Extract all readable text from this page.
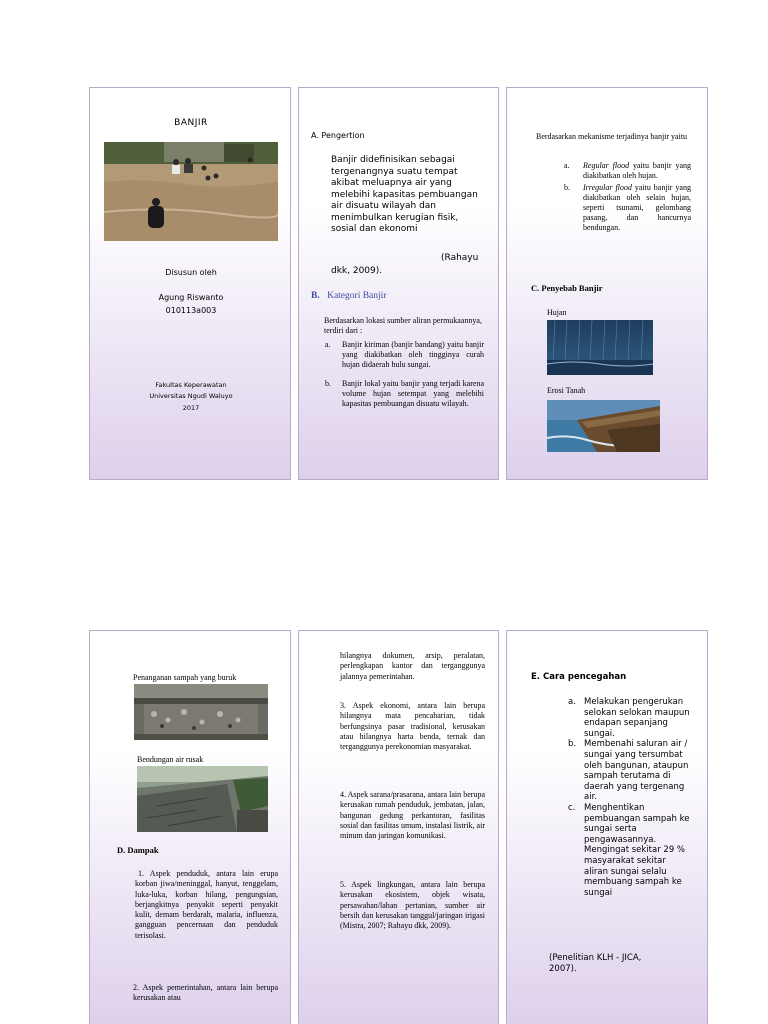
BANJIR
Disusun oleh
Agung Riswanto
010113a003
Fakultas Keperawatan
Universitas Ngudi Waluyo
2017
A. Pengertion
Banjir didefinisikan sebagai tergenangnya suatu tempat akibat meluapnya air yang melebihi kapasitas pembuangan air disuatu wilayah dan menimbulkan kerugian fisik, sosial dan ekonomi
(Rahayu
dkk, 2009).
B. Kategori Banjir
Berdasarkan lokasi sumber aliran permukaannya, terdiri dari :
a. Banjir kiriman (banjir bandang) yaitu banjir yang diakibatkan oleh tingginya curah hujan didaerah hulu sungai.
b. Banjir lokal yaitu banjir yang terjadi karena volume hujan setempat yang melebihi kapasitas pembuangan disuatu wilayah.
Berdasarkan mekanisme terjadinya banjir yaitu
a. Regular flood yaitu banjir yang diakibatkan oleh hujan.
b. Irregular flood yaitu banjir yang diakibatkan oleh selain hujan, seperti tsunami, gelombang pasang, dan hancurnya bendungan.
C. Penyebab Banjir
Hujan
Erosi Tanah
Penanganan sampah yang buruk
Bendungan air rusak
D. Dampak

1. Aspek penduduk, antara lain erupa korban jiwa/meninggal, hanyut, tenggelam, luka-luka, korban hilang, pengungsian, berjangkitnya penyakit seperti penyakit kulit, demam berdarah, malaria, influenza, gangguan pencernaan dan penduduk terisolasi.

2. Aspek pemerintahan, antara lain berupa kerusakan atau

hilangnya dokumen, arsip, peralatan, perlengkapan kantor dan terganggunya jalannya pemerintahan.

3. Aspek ekonomi, antara lain berupa hilangnya mata pencaharian, tidak berfungsinya pasar tradisional, kerusakan atau hilangnya harta benda, ternak dan terganggunya perekonomian masyarakat.

4. Aspek sarana/prasarana, antara lain berupa kerusakan rumah penduduk, jembatan, jalan, bangunan gedung perkantoran, fasilitas sosial dan fasilitas umum, instalasi listrik, air minum dan jaringan komunikasi.

5. Aspek lingkungan, antara lain berupa kerusakan ekosistem, objek wisata, persawahan/lahan pertanian, sumber air bersih dan kerusakan tanggul/jaringan irigasi (Mistra, 2007; Rahayu dkk, 2009).

E. Cara pencegahan
a. Melakukan pengerukan selokan selokan maupun endapan sepanjang sungai.
b. Membenahi saluran air / sungai yang tersumbat oleh bangunan, ataupun sampah terutama di daerah yang tergenang air.
c. Menghentikan pembuangan sampah ke sungai serta pengawasannya. Mengingat sekitar 29 % masyarakat sekitar aliran sungai selalu membuang sampah ke sungai
(Penelitian KLH - JICA, 2007).
